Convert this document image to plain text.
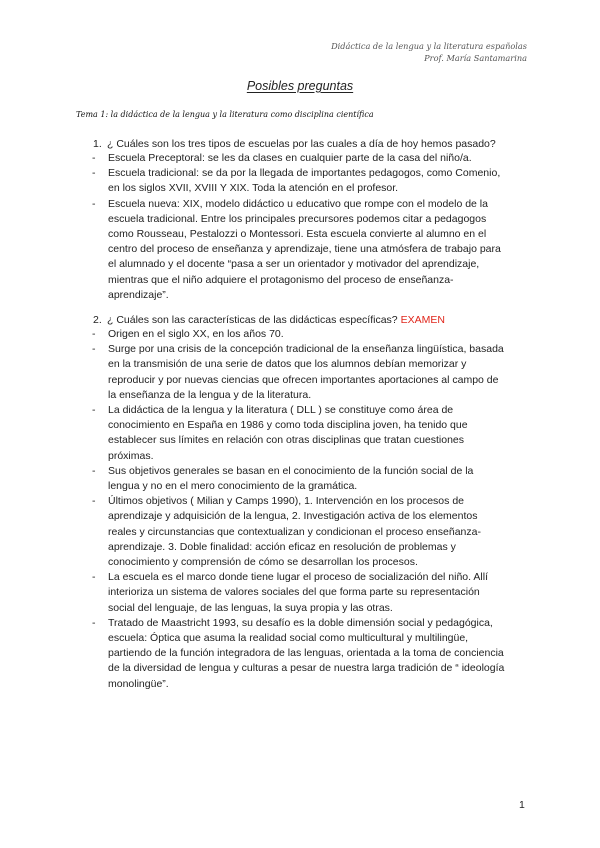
Didáctica de la lengua y la literatura españolas
Prof. María Santamarina
Posibles preguntas
Tema 1: la didáctica de la lengua y la literatura como disciplina científica
1. ¿ Cuáles son los tres tipos de escuelas por las cuales a día de hoy hemos pasado?
- Escuela Preceptoral: se les da clases en cualquier parte de la casa del niño/a.
- Escuela tradicional: se da por la llegada de importantes pedagogos, como Comenio, en los siglos XVII, XVIII Y XIX. Toda la atención en el profesor.
- Escuela nueva: XIX, modelo didáctico u educativo que rompe con el modelo de la escuela tradicional. Entre los principales precursores podemos citar a pedagogos como Rousseau, Pestalozzi o Montessori. Esta escuela convierte al alumno en el centro del proceso de enseñanza y aprendizaje, tiene una atmósfera de trabajo para el alumnado y el docente “pasa a ser un orientador y motivador del aprendizaje, mientras que el niño adquiere el protagonismo del proceso de enseñanza-aprendizaje”.
2. ¿ Cuáles son las características de las didácticas específicas? EXAMEN
- Origen en el siglo XX, en los años 70.
- Surge por una crisis de la concepción tradicional de la enseñanza lingüística, basada en la transmisión de una serie de datos que los alumnos debían memorizar y reproducir y por nuevas ciencias que ofrecen importantes aportaciones al campo de la enseñanza de la lengua y de la literatura.
- La didáctica de la lengua y la literatura ( DLL ) se constituye como área de conocimiento en España en 1986 y como toda disciplina joven, ha tenido que establecer sus límites en relación con otras disciplinas que tratan cuestiones próximas.
- Sus objetivos generales se basan en el conocimiento de la función social de la lengua y no en el mero conocimiento de la gramática.
- Últimos objetivos ( Milian y Camps 1990), 1. Intervención en los procesos de aprendizaje y adquisición de la lengua, 2. Investigación activa de los elementos reales y circunstancias que contextualizan y condicionan el proceso enseñanza-aprendizaje. 3. Doble finalidad: acción eficaz en resolución de problemas y conocimiento y comprensión de cómo se desarrollan los procesos.
- La escuela es el marco donde tiene lugar el proceso de socialización del niño. Allí interioriza un sistema de valores sociales del que forma parte su representación social del lenguaje, de las lenguas, la suya propia y las otras.
- Tratado de Maastricht 1993, su desafío es la doble dimensión social y pedagógica, escuela: Óptica que asuma la realidad social como multicultural y multilingüe, partiendo de la función integradora de las lenguas, orientada a la toma de conciencia de la diversidad de lengua y culturas a pesar de nuestra larga tradición de “ ideología monolingüe”.
1
